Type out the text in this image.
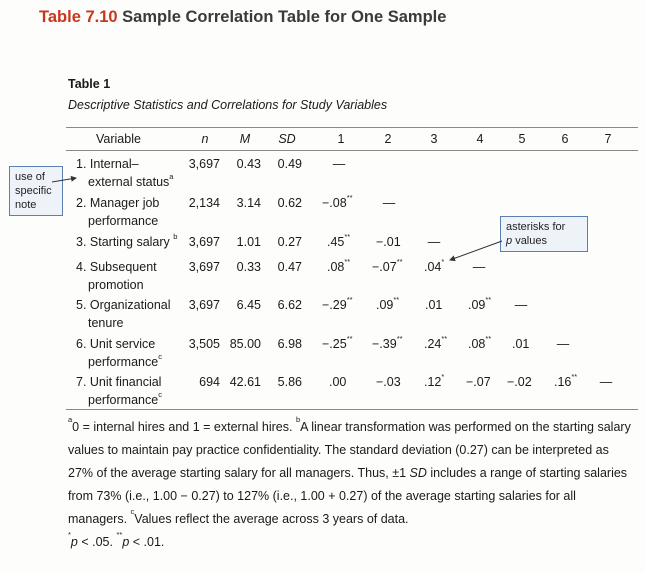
Table 7.10 Sample Correlation Table for One Sample
Table 1
Descriptive Statistics and Correlations for Study Variables
Variable	n	M	SD	1	2	3	4	5	6	7
1. Internal–
external status$^a$
3,697	0.43	0.49	—
2. Manager job
performance
2,134	3.14	0.62 −.08**	—
3. Starting salary $^b$ 3,697	1.01	0.27 .45** −.01	—
4. Subsequent
promotion
3,697	0.33	0.47 .08** −.07** .04*	—
5. Organizational
tenure
3,697	6.45	6.62 −.29** .09** .01 .09**	—
6. Unit service
performance$^c$
3,505 85.00	6.98 −.25** −.39** .24** .08** .01	—
7. Unit financial
performance$^c$
694 42.61	5.86 .00 −.03 .12* −.07 −.02 .16**	—
use of specific note
asterisks for
p values

$^a$0 = internal hires and 1 = external hires. $^b$A linear transformation was performed on the starting salary values to maintain pay practice confidentiality. The standard deviation (0.27) can be interpreted as 27% of the average starting salary for all managers. Thus, ±1 SD includes a range of starting salaries from 73% (i.e., 1.00 − 0.27) to 127% (i.e., 1.00 + 0.27) of the average starting salaries for all managers. $^c$Values reflect the average across 3 years of data.

*p < .05. **p < .01.
